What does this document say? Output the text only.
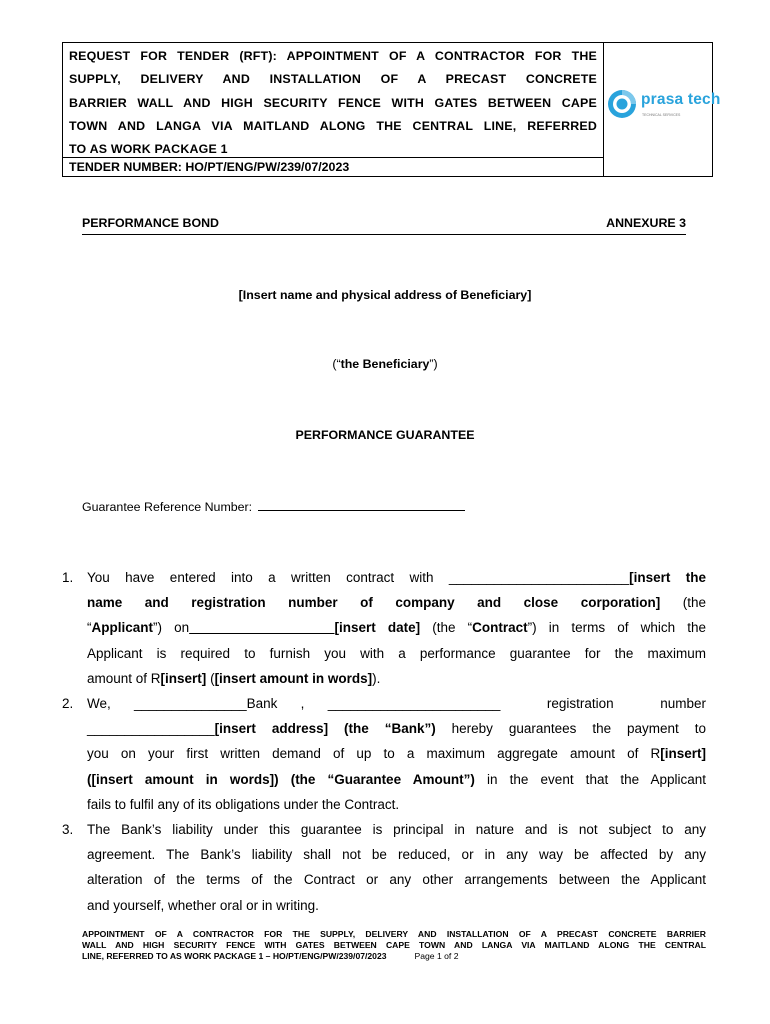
REQUEST FOR TENDER (RFT): APPOINTMENT OF A CONTRACTOR FOR THE
SUPPLY, DELIVERY AND INSTALLATION OF A PRECAST CONCRETE
BARRIER WALL AND HIGH SECURITY FENCE WITH GATES BETWEEN CAPE
TOWN AND LANGA VIA MAITLAND ALONG THE CENTRAL LINE, REFERRED
TO AS WORK PACKAGE 1
TENDER NUMBER: HO/PT/ENG/PW/239/07/2023
prasa tech
TECHNICAL SERVICES
PERFORMANCE BOND	ANNEXURE 3
[Insert name and physical address of Beneficiary]
(“the Beneficiary”)
PERFORMANCE GUARANTEE
Guarantee Reference Number:
1. You have entered into a written contract with ________________________[insert the
name and registration number of company and close corporation] (the
“Applicant”) on	[insert date] (the “Contract”) in terms of which the
Applicant is required to furnish you with a performance guarantee for the maximum
amount of R[insert] ([insert amount in words]).
2. We, _______________Bank , _______________________  registration  number
_________________[insert address] (the “Bank”) hereby guarantees the payment to
you on your first written demand of up to a maximum aggregate amount of R[insert]
([insert amount in words]) (the “Guarantee Amount”) in the event that the Applicant
fails to fulfil any of its obligations under the Contract.
3. The Bank’s liability under this guarantee is principal in nature and is not subject to any
agreement. The Bank’s liability shall not be reduced, or in any way be affected by any
alteration of the terms of the Contract or any other arrangements between the Applicant
and yourself, whether oral or in writing.
APPOINTMENT OF A CONTRACTOR FOR THE SUPPLY, DELIVERY AND INSTALLATION OF A PRECAST CONCRETE BARRIER
WALL AND HIGH SECURITY FENCE WITH GATES BETWEEN CAPE TOWN AND LANGA VIA MAITLAND ALONG THE CENTRAL
LINE, REFERRED TO AS WORK PACKAGE 1 – HO/PT/ENG/PW/239/07/2023	Page 1 of 2
